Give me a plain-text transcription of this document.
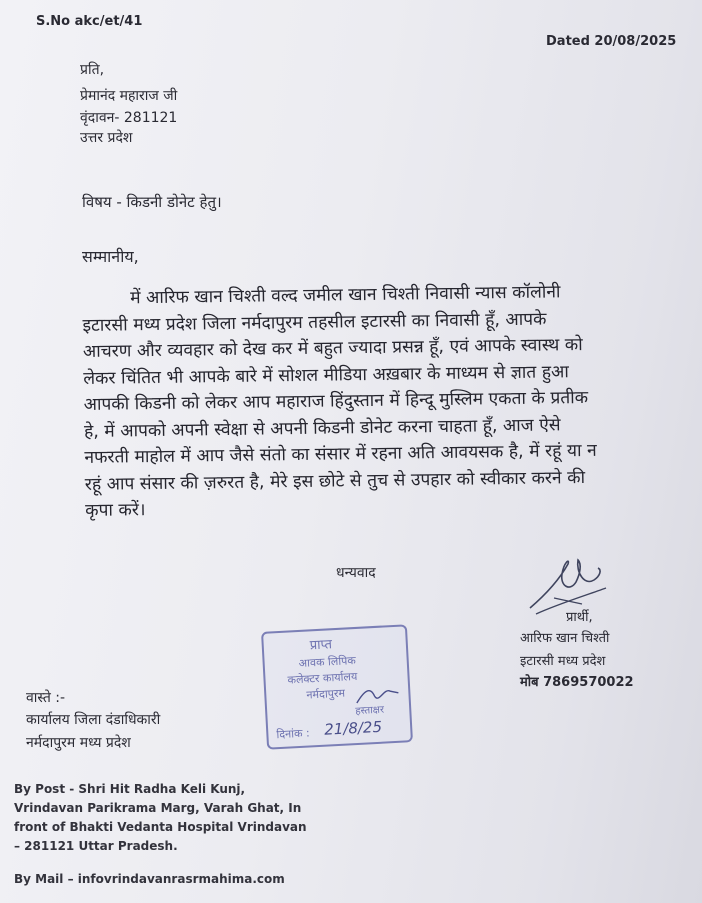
S.No akc/et/41
Dated 20/08/2025
प्रति,
प्रेमानंद महाराज जी
वृंदावन- 281121
उत्तर प्रदेश
विषय - किडनी डोनेट हेतु।
सम्मानीय,
में आरिफ खान चिश्ती वल्द जमील खान चिश्ती निवासी न्यास कॉलोनी
इटारसी मध्य प्रदेश जिला नर्मदापुरम तहसील इटारसी का निवासी हूँ, आपके
आचरण और व्यवहार को देख कर में बहुत ज्यादा प्रसन्न हूँ, एवं आपके स्वास्थ को
लेकर चिंतित भी आपके बारे में सोशल मीडिया अख़बार के माध्यम से ज्ञात हुआ
आपकी किडनी को लेकर आप महाराज हिंदुस्तान में हिन्दू मुस्लिम एकता के प्रतीक
हे, में आपको अपनी स्वेक्षा से अपनी किडनी डोनेट करना चाहता हूँ, आज ऐसे
नफरती माहोल में आप जैसे संतो का संसार में रहना अति आवयसक है, में रहूं या न
रहूं आप संसार की ज़रुरत है, मेरे इस छोटे से तुच से उपहार को स्वीकार करने की
कृपा करें।
धन्यवाद
प्रार्थी,
आरिफ खान चिश्ती
इटारसी मध्य प्रदेश
मोब 7869570022
वास्ते :-
कार्यालय जिला दंडाधिकारी
नर्मदापुरम मध्य प्रदेश
प्राप्त
आवक लिपिक
कलेक्टर कार्यालय
नर्मदापुरम
हस्ताक्षर
दिनांक : 21/8/25
By Post - Shri Hit Radha Keli Kunj,
Vrindavan Parikrama Marg, Varah Ghat, In
front of Bhakti Vedanta Hospital Vrindavan
– 281121 Uttar Pradesh.
By Mail – infovrindavanrasrmahima.com
